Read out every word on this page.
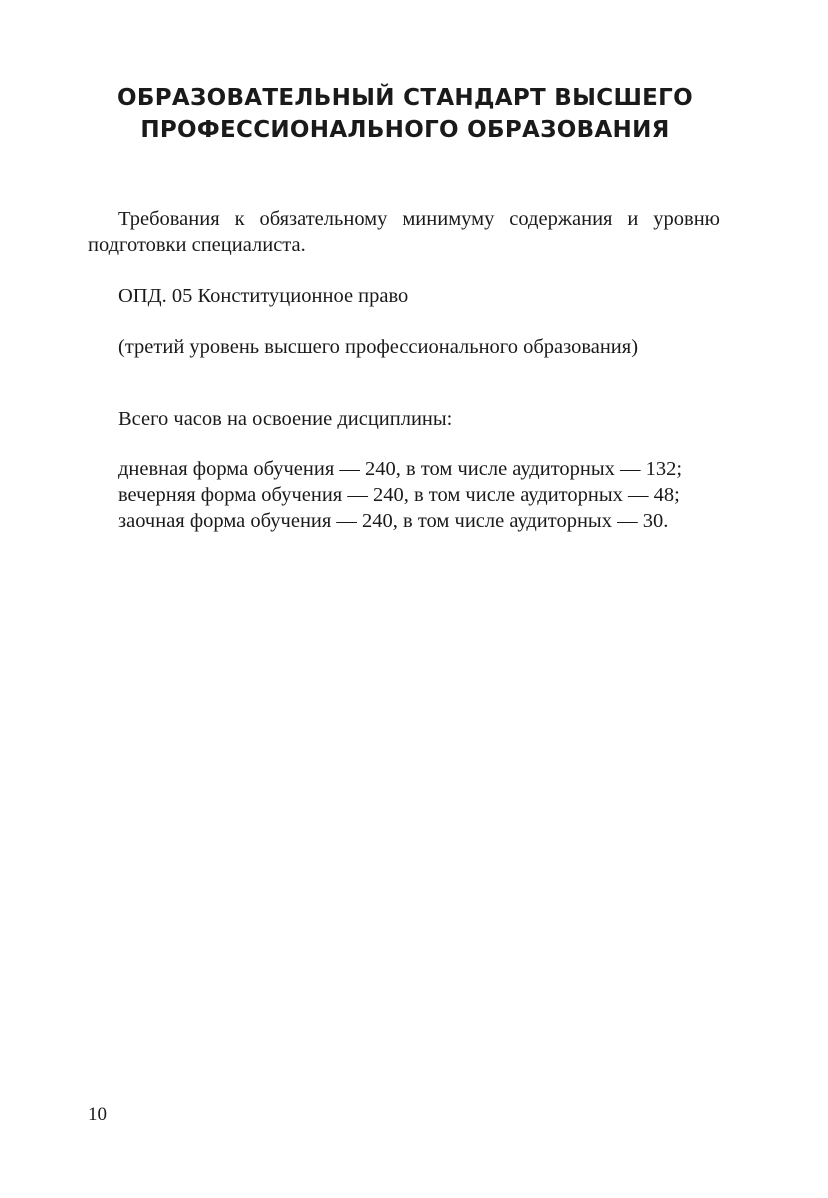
ОБРАЗОВАТЕЛЬНЫЙ СТАНДАРТ ВЫСШЕГО
ПРОФЕССИОНАЛЬНОГО ОБРАЗОВАНИЯ

Требования к обязательному минимуму содержания и уровню подготовки специалиста.

ОПД. 05 Конституционное право

(третий уровень высшего профессионального образования)

Всего часов на освоение дисциплины:

дневная форма обучения — 240, в том числе аудиторных — 132;
вечерняя форма обучения — 240, в том числе аудиторных — 48;
заочная форма обучения — 240, в том числе аудиторных — 30.

10
